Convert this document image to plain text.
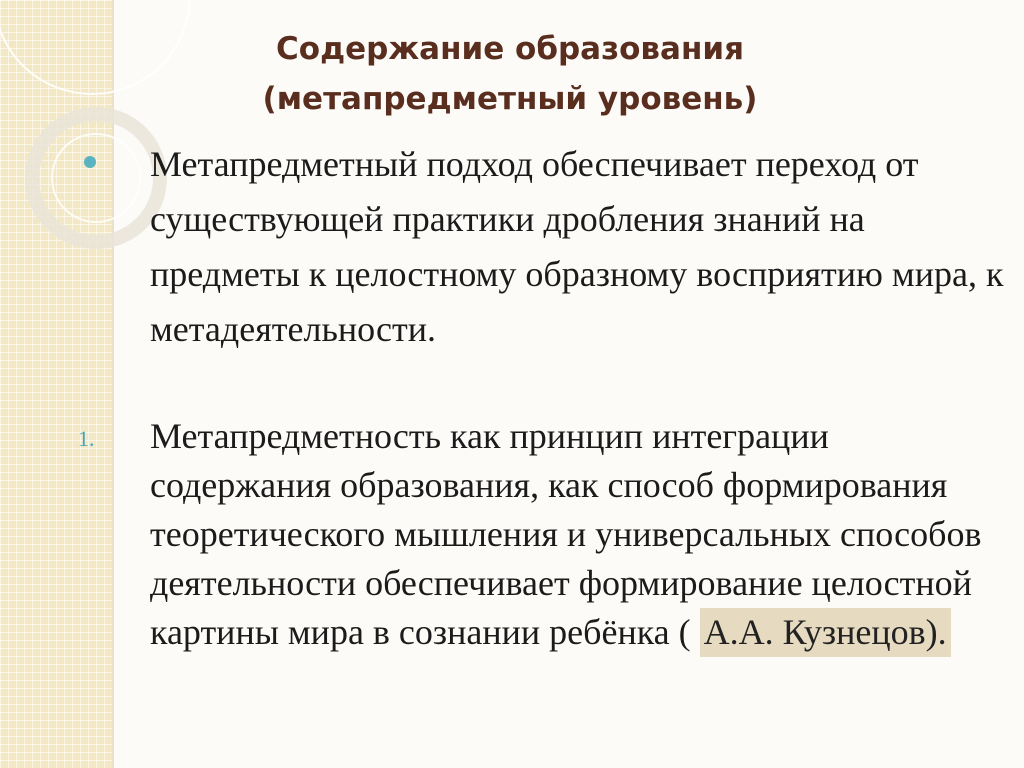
Содержание образования
(метапредметный уровень)

Метапредметный подход обеспечивает переход от существующей практики дробления знаний на предметы к целостному образному восприятию мира, к метадеятельности.

1. Метапредметность как принцип интеграции содержания образования, как способ формирования теоретического мышления и универсальных способов деятельности обеспечивает формирование целостной картины мира в сознании ребёнка ( А.А. Кузнецов).
